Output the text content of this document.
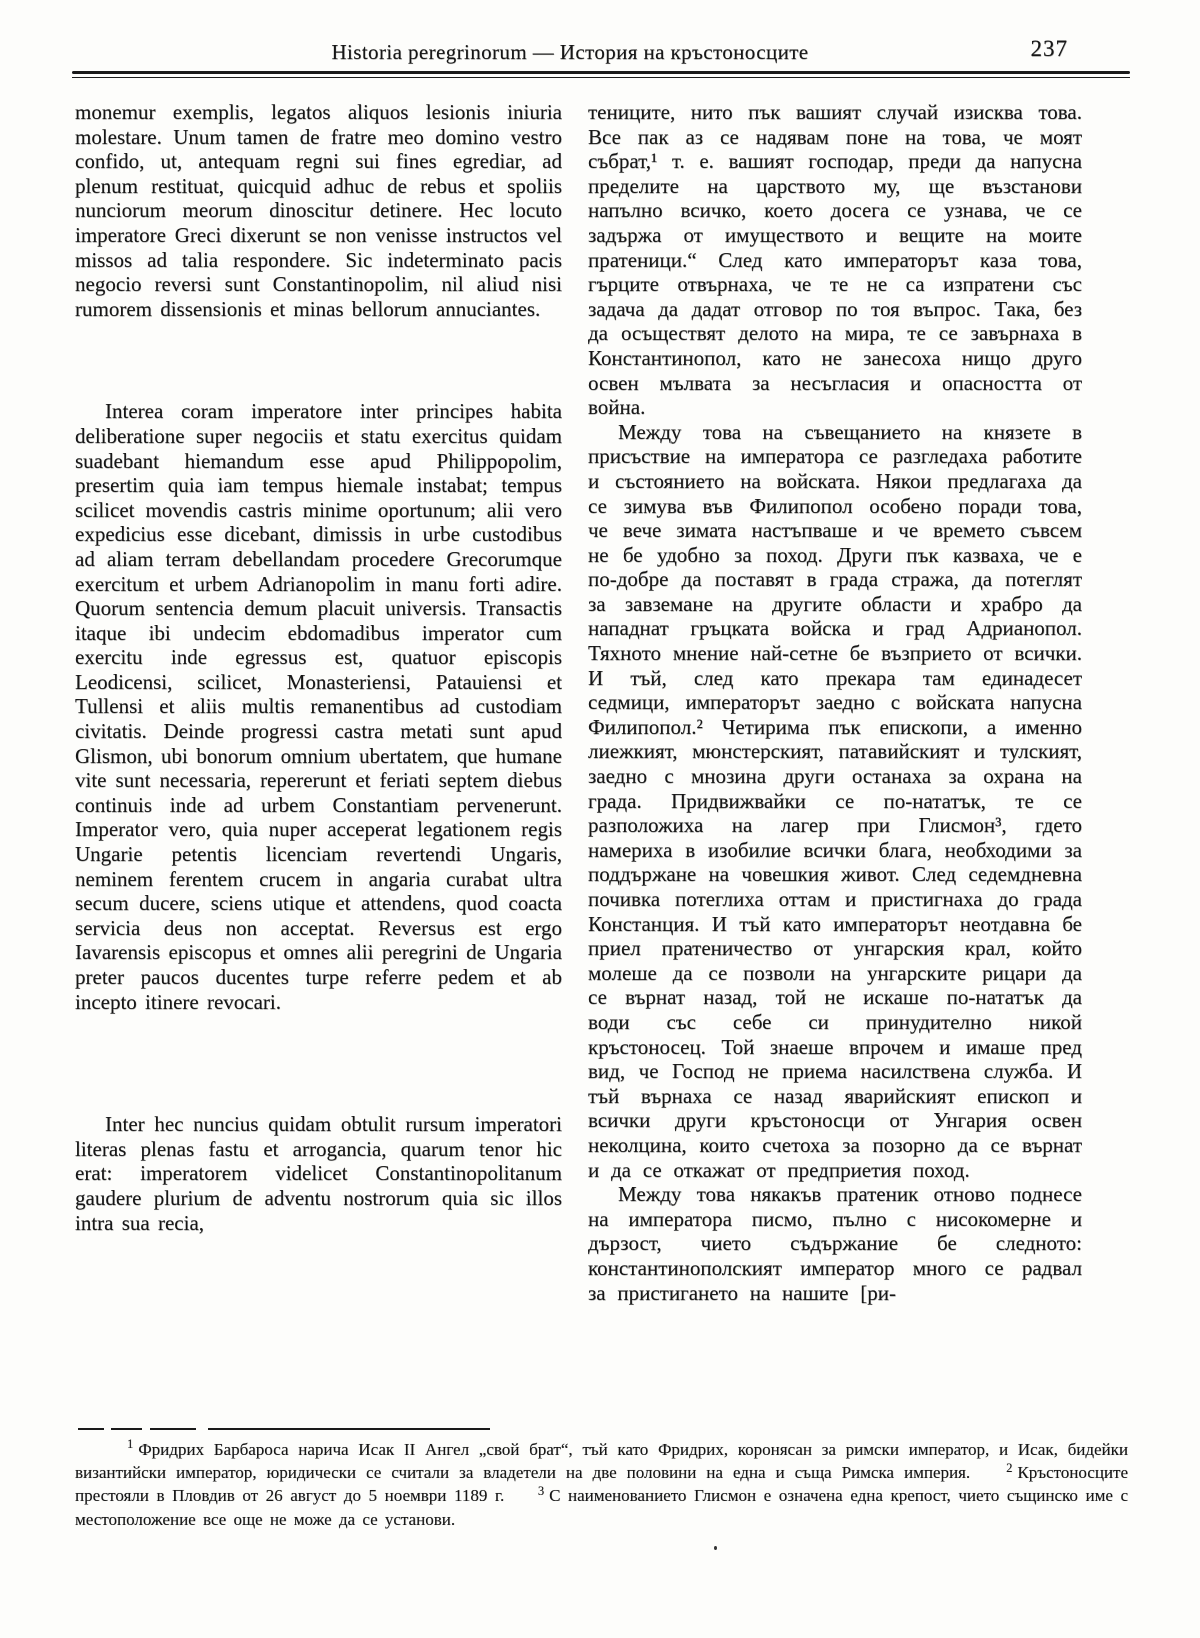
Historia peregrinorum — История на кръстоносците	237

monemur exemplis, legatos aliquos lesionis iniuria molestare. Unum tamen de fratre meo domino vestro confido, ut, antequam regni sui fines egrediar, ad plenum restituat, quicquid adhuc de rebus et spoliis nunciorum meorum dinoscitur detinere. Hec locuto imperatore Greci dixerunt se non venisse instructos vel missos ad talia respondere. Sic indeterminato pacis negocio reversi sunt Constantinopolim, nil aliud nisi rumorem dissensionis et minas bellorum annuciantes.

Interea coram imperatore inter principes habita deliberatione super negociis et statu exercitus quidam suadebant hiemandum esse apud Philippopolim, presertim quia iam tempus hiemale instabat; tempus scilicet movendis castris minime oportunum; alii vero expedicius esse dicebant, dimissis in urbe custodibus ad aliam terram debellandam procedere Grecorumque exercitum et urbem Adrianopolim in manu forti adire. Quorum sentencia demum placuit universis. Transactis itaque ibi undecim ebdomadibus imperator cum exercitu inde egressus est, quatuor episcopis Leodicensi, scilicet, Monasteriensi, Patauiensi et Tullensi et aliis multis remanentibus ad custodiam civitatis. Deinde progressi castra metati sunt apud Glismon, ubi bonorum omnium ubertatem, que humane vite sunt necessaria, repererunt et feriati septem diebus continuis inde ad urbem Constantiam pervenerunt. Imperator vero, quia nuper acceperat legationem regis Ungarie petentis licenciam revertendi Ungaris, neminem ferentem crucem in angaria curabat ultra secum ducere, sciens utique et attendens, quod coacta servicia deus non acceptat. Reversus est ergo Iavarensis episcopus et omnes alii peregrini de Ungaria preter paucos ducentes turpe referre pedem et ab incepto itinere revocari.

Inter hec nuncius quidam obtulit rursum imperatori literas plenas fastu et arrogancia, quarum tenor hic erat: imperatorem videlicet Constantinopolitanum gaudere plurium de adventu nostrorum quia sic illos intra sua recia,

тениците, нито пък вашият случай изисква това. Все пак аз се надявам поне на това, че моят събрат,¹ т. е. вашият господар, преди да напусна пределите на царството му, ще възстанови напълно всичко, което досега се узнава, че се задържа от имуществото и вещите на моите пратеници.“ След като императорът каза това, гърците отвърнаха, че те не са изпратени със задача да дадат отговор по тоя въпрос. Така, без да осъществят делото на мира, те се завърнаха в Константинопол, като не занесоха нищо друго освен мълвата за несъгласия и опасността от война.

Между това на съвещанието на князете в присъствие на императора се разгледаха работите и състоянието на войската. Някои предлагаха да се зимува във Филипопол особено поради това, че вече зимата настъпваше и че времето съвсем не бе удобно за поход. Други пък казваха, че е по-добре да поставят в града стража, да потеглят за завземане на другите области и храбро да нападнат гръцката войска и град Адрианопол. Тяхното мнение най-сетне бе възприето от всички. И тъй, след като прекара там единадесет седмици, императорът заедно с войската напусна Филипопол.² Четирима пък епископи, а именно лиежкият, мюнстерският, патавийският и тулският, заедно с мнозина други останаха за охрана на града. Придвижвайки се по-нататък, те се разположиха на лагер при Глисмон³, гдето намериха в изобилие всички блага, необходими за поддържане на човешкия живот. След седемдневна почивка потеглиха оттам и пристигнаха до града Констанция. И тъй като императорът неотдавна бе приел пратеничество от унгарския крал, който молеше да се позволи на унгарските рицари да се върнат назад, той не искаше по-нататък да води със себе си принудително никой кръстоносец. Той знаеше впрочем и имаше пред вид, че Господ не приема насилствена служба. И тъй върнаха се назад яварийският епископ и всички други кръстоносци от Унгария освен неколцина, които счетоха за позорно да се върнат и да се откажат от предприетия поход.

Между това някакъв пратеник отново поднесе на императора писмо, пълно с нисокомерне и дързост, чието съдържание бе следното: константинополският император много се радвал за пристигането на нашите [ри-

$^1$ Фридрих Барбароса нарича Исак II Ангел „свой брат“, тъй като Фридрих, коронясан за римски император, и Исак, бидейки византийски император, юридически се считали за владетели на две половини на една и съща Римска империя.	$^2$ Кръстоносците престояли в Пловдив от 26 август до 5 ноември 1189 г.	$^3$ С наименованието Глисмон е означена една крепост, чието същинско име с местоположение все още не може да се установи.
